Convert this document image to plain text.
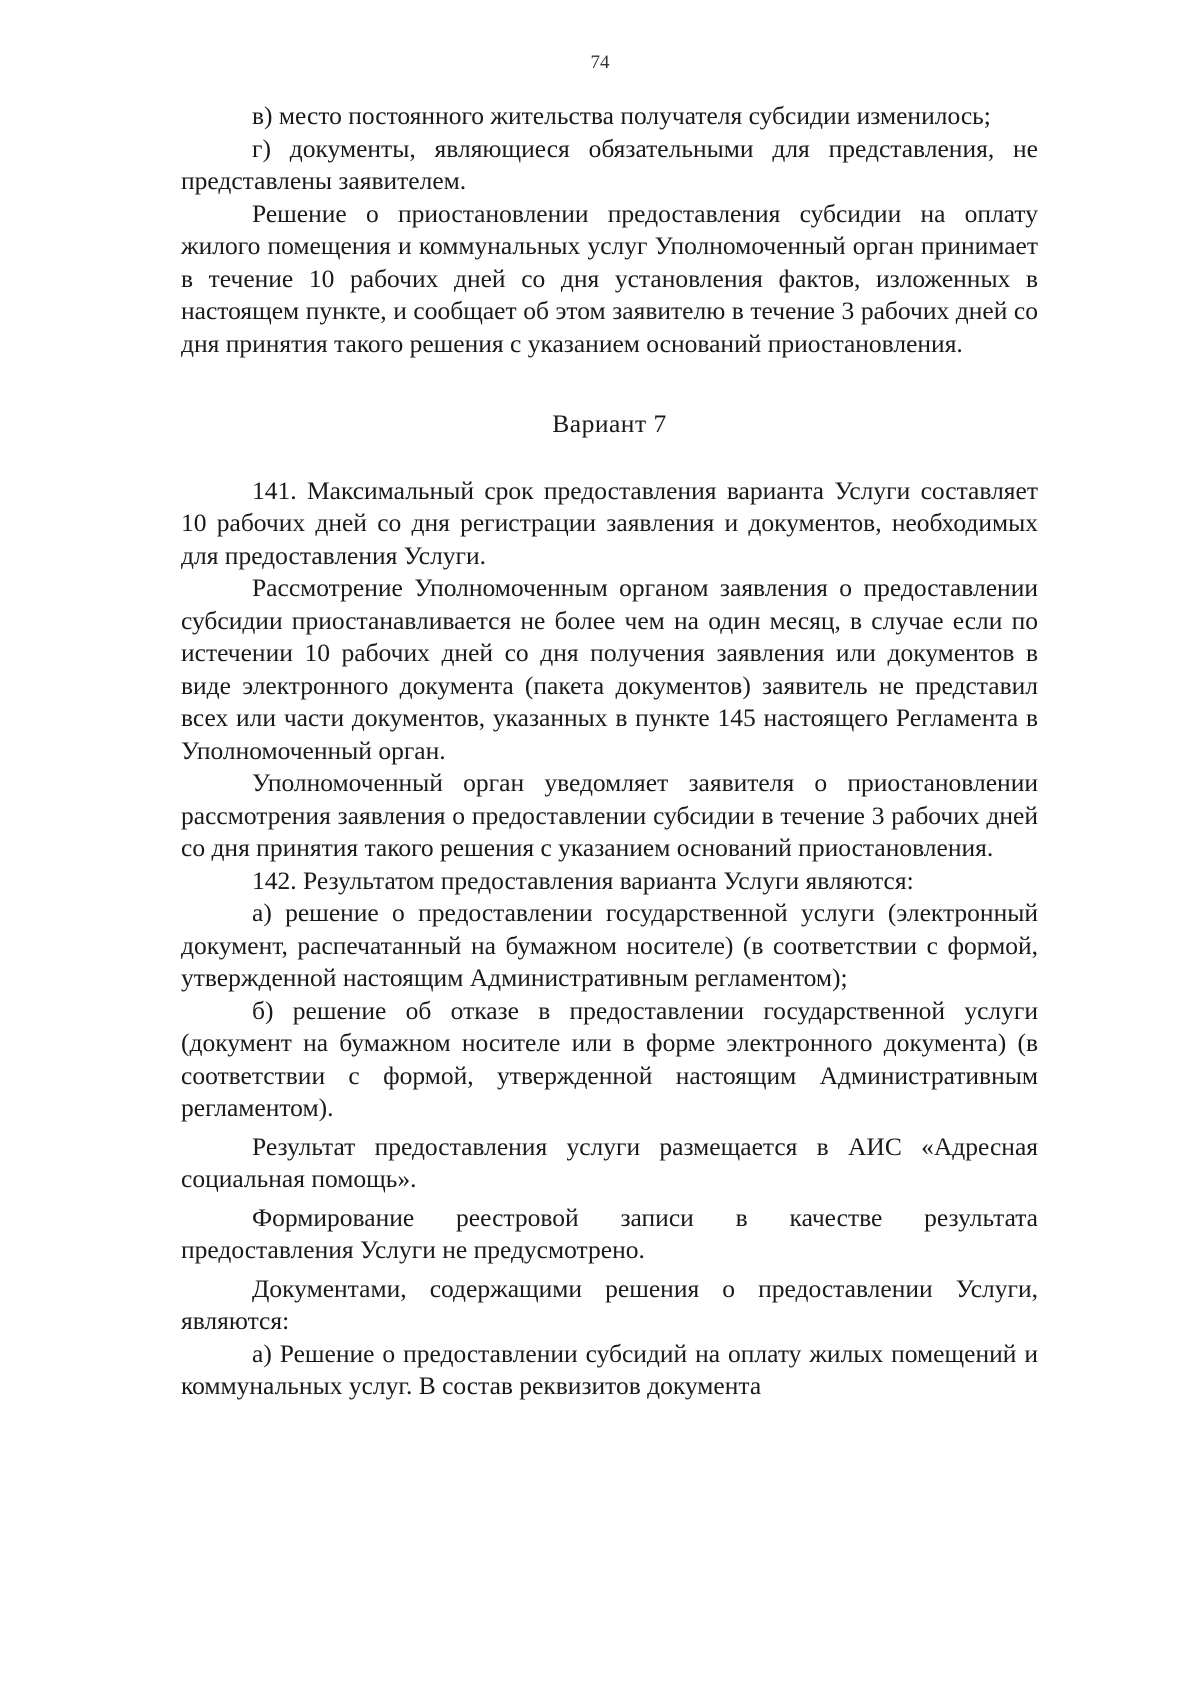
74

в) место постоянного жительства получателя субсидии изменилось;

г) документы, являющиеся обязательными для представления, не представлены заявителем.

Решение о приостановлении предоставления субсидии на оплату жилого помещения и коммунальных услуг Уполномоченный орган принимает в течение 10 рабочих дней со дня установления фактов, изложенных в настоящем пункте, и сообщает об этом заявителю в течение 3 рабочих дней со дня принятия такого решения с указанием оснований приостановления.

Вариант 7

141. Максимальный срок предоставления варианта Услуги составляет 10 рабочих дней со дня регистрации заявления и документов, необходимых для предоставления Услуги.

Рассмотрение Уполномоченным органом заявления о предоставлении субсидии приостанавливается не более чем на один месяц, в случае если по истечении 10 рабочих дней со дня получения заявления или документов в виде электронного документа (пакета документов) заявитель не представил всех или части документов, указанных в пункте 145 настоящего Регламента в Уполномоченный орган.

Уполномоченный орган уведомляет заявителя о приостановлении рассмотрения заявления о предоставлении субсидии в течение 3 рабочих дней со дня принятия такого решения с указанием оснований приостановления.

142. Результатом предоставления варианта Услуги являются:

а) решение о предоставлении государственной услуги (электронный документ, распечатанный на бумажном носителе) (в соответствии с формой, утвержденной настоящим Административным регламентом);

б) решение об отказе в предоставлении государственной услуги (документ на бумажном носителе или в форме электронного документа) (в соответствии с формой, утвержденной настоящим Административным регламентом).

Результат предоставления услуги размещается в АИС «Адресная социальная помощь».

Формирование реестровой записи в качестве результата предоставления Услуги не предусмотрено.

Документами, содержащими решения о предоставлении Услуги, являются:

а) Решение о предоставлении субсидий на оплату жилых помещений и коммунальных услуг. В состав реквизитов документа
